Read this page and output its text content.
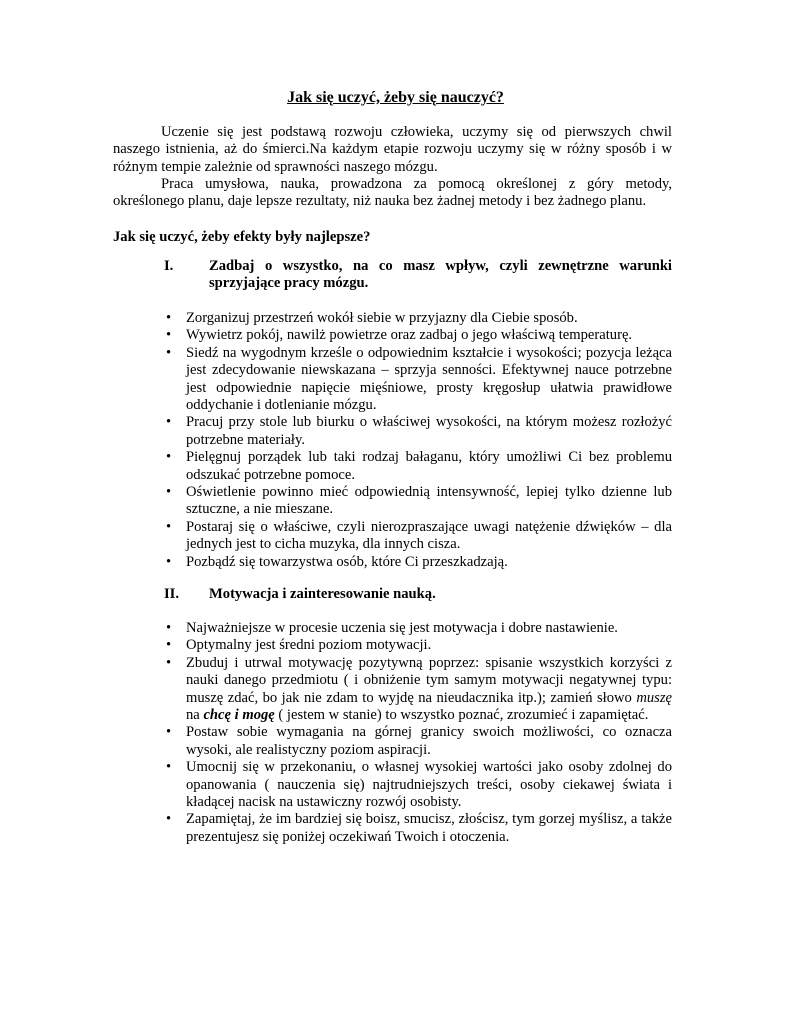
Jak się uczyć, żeby się nauczyć?

Uczenie się jest podstawą rozwoju człowieka, uczymy się od pierwszych chwil naszego istnienia, aż do śmierci.Na każdym etapie rozwoju uczymy się w różny sposób i w różnym tempie zależnie od sprawności naszego mózgu.

Praca umysłowa, nauka, prowadzona za pomocą określonej z góry metody, określonego planu, daje lepsze rezultaty, niż nauka bez żadnej metody i bez żadnego planu.

Jak się uczyć, żeby efekty były najlepsze?
I. Zadbaj o wszystko, na co masz wpływ, czyli zewnętrzne warunki sprzyjające pracy mózgu.
• Zorganizuj przestrzeń wokół siebie w przyjazny dla Ciebie sposób.
• Wywietrz pokój, nawilż powietrze oraz zadbaj o jego właściwą temperaturę.
• Siedź na wygodnym krześle o odpowiednim kształcie i wysokości; pozycja leżąca jest zdecydowanie niewskazana – sprzyja senności. Efektywnej nauce potrzebne jest odpowiednie napięcie mięśniowe, prosty kręgosłup ułatwia prawidłowe oddychanie i dotlenianie mózgu.
• Pracuj przy stole lub biurku o właściwej wysokości, na którym możesz rozłożyć potrzebne materiały.
• Pielęgnuj porządek lub taki rodzaj bałaganu, który umożliwi Ci bez problemu odszukać potrzebne pomoce.
• Oświetlenie powinno mieć odpowiednią intensywność, lepiej tylko dzienne lub sztuczne, a nie mieszane.
• Postaraj się o właściwe, czyli nierozpraszające uwagi natężenie dźwięków – dla jednych jest to cicha muzyka, dla innych cisza.
• Pozbądź się towarzystwa osób, które Ci przeszkadzają.
II. Motywacja i zainteresowanie nauką.
• Najważniejsze w procesie uczenia się jest motywacja i dobre nastawienie.
• Optymalny jest średni poziom motywacji.
• Zbuduj i utrwal motywację pozytywną poprzez: spisanie wszystkich korzyści z nauki danego przedmiotu ( i obniżenie tym samym motywacji negatywnej typu: muszę zdać, bo jak nie zdam to wyjdę na nieudacznika itp.); zamień słowo muszę na chcę i mogę ( jestem w stanie) to wszystko poznać, zrozumieć i zapamiętać.
• Postaw sobie wymagania na górnej granicy swoich możliwości, co oznacza wysoki, ale realistyczny poziom aspiracji.
• Umocnij się w przekonaniu, o własnej wysokiej wartości jako osoby zdolnej do opanowania ( nauczenia się) najtrudniejszych treści, osoby ciekawej świata i kładącej nacisk na ustawiczny rozwój osobisty.
• Zapamiętaj, że im bardziej się boisz, smucisz, złościsz, tym gorzej myślisz, a także prezentujesz się poniżej oczekiwań Twoich i otoczenia.
